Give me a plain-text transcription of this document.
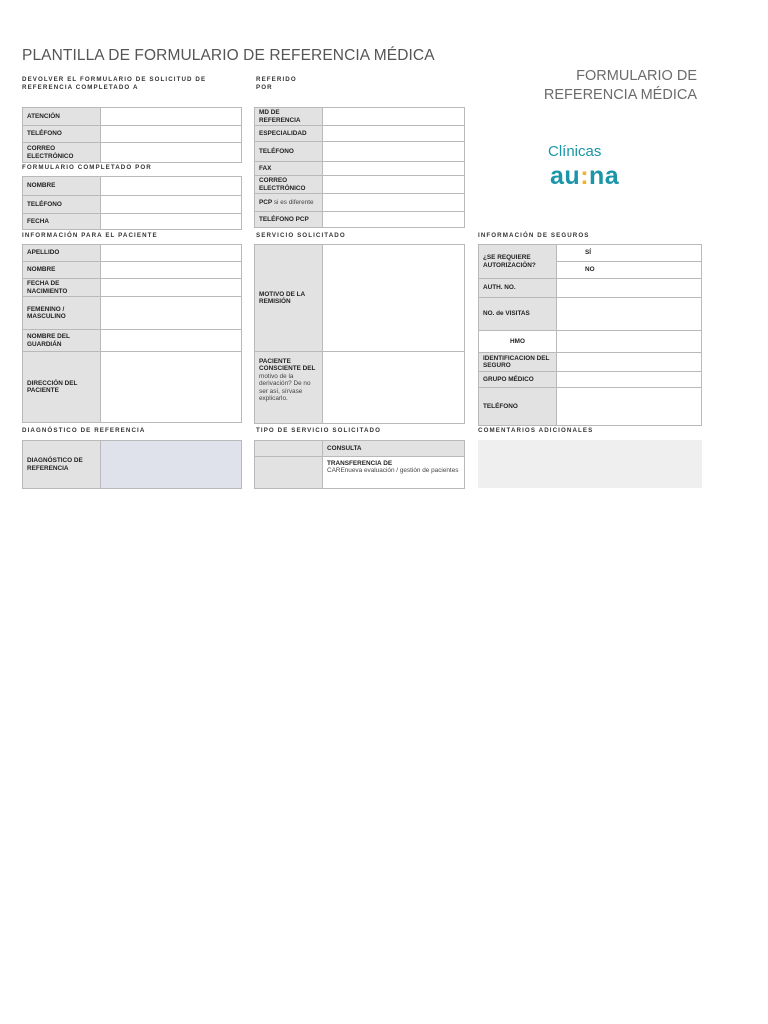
PLANTILLA DE FORMULARIO DE REFERENCIA MÉDICA
FORMULARIO DE REFERENCIA MÉDICA
Clínicas
au:na
DEVOLVER EL FORMULARIO DE SOLICITUD DE
REFERENCIA COMPLETADO A
REFERIDO
POR
FORMULARIO COMPLETADO POR
INFORMACIÓN PARA EL PACIENTE	SERVICIO SOLICITADO	INFORMACIÓN DE SEGUROS
DIAGNÓSTICO DE REFERENCIA	TIPO DE SERVICIO SOLICITADO	COMENTARIOS ADICIONALES
ATENCIÓN	
TELÉFONO	
CORREO ELECTRÓNICO	
NOMBRE	
TELÉFONO	
FECHA	
MD DE REFERENCIA	
ESPECIALIDAD	
TELÉFONO	
FAX	
CORREO ELECTRÓNICO	
PCP si es diferente	
TELÉFONO PCP	
APELLIDO	
NOMBRE	
FECHA DE NACIMIENTO	
FEMENINO / MASCULINO	
NOMBRE DEL GUARDIÁN	
DIRECCIÓN DEL PACIENTE	
MOTIVO DE LA REMISIÓN	
PACIENTE CONSCIENTE DEL
motivo de la derivación? De no ser así, sírvase explicarlo.	
¿SE REQUIERE AUTORIZACIÓN?	SÍ
	NO
AUTH. NO.	
NO. de VISITAS	
HMO	
IDENTIFICACION DEL SEGURO	
GRUPO MÉDICO	
TELÉFONO	
DIAGNÓSTICO DE REFERENCIA	
	CONSULTA
	TRANSFERENCIA DE
CAREnueva evaluación / gestión de pacientes
